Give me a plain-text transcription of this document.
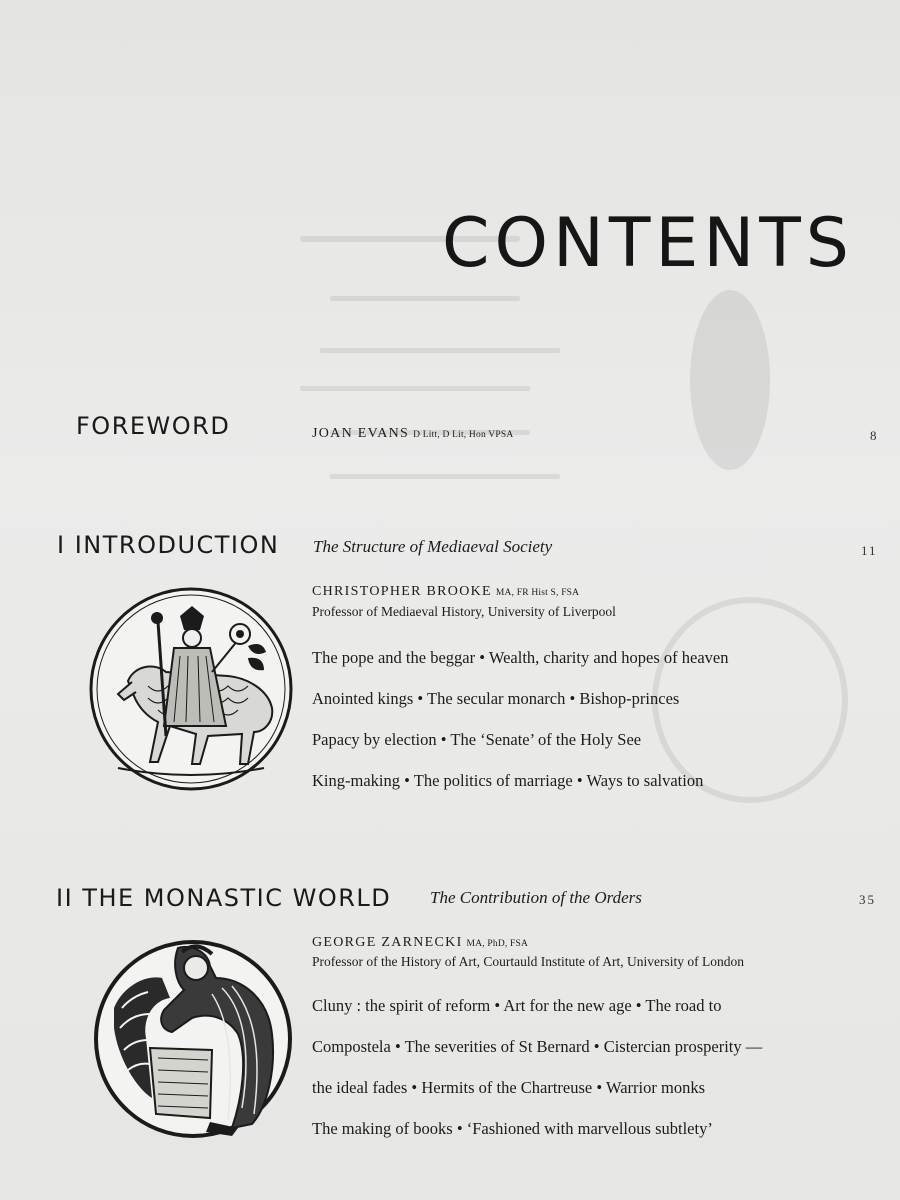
CONTENTS
FOREWORD	JOAN EVANS D Litt, D Lit, Hon VPSA	8
I INTRODUCTION The Structure of Mediaeval Society	11
CHRISTOPHER BROOKE MA, FR Hist S, FSA
Professor of Mediaeval History, University of Liverpool
The pope and the beggar • Wealth, charity and hopes of heaven
Anointed kings • The secular monarch • Bishop-princes
Papacy by election • The ‘Senate’ of the Holy See
King-making • The politics of marriage • Ways to salvation
II THE MONASTIC WORLD The Contribution of the Orders	35
GEORGE ZARNECKI MA, PhD, FSA
Professor of the History of Art, Courtauld Institute of Art, University of London
Cluny : the spirit of reform • Art for the new age • The road to
Compostela • The severities of St Bernard • Cistercian prosperity —
the ideal fades • Hermits of the Chartreuse • Warrior monks
The making of books • ‘Fashioned with marvellous subtlety’
